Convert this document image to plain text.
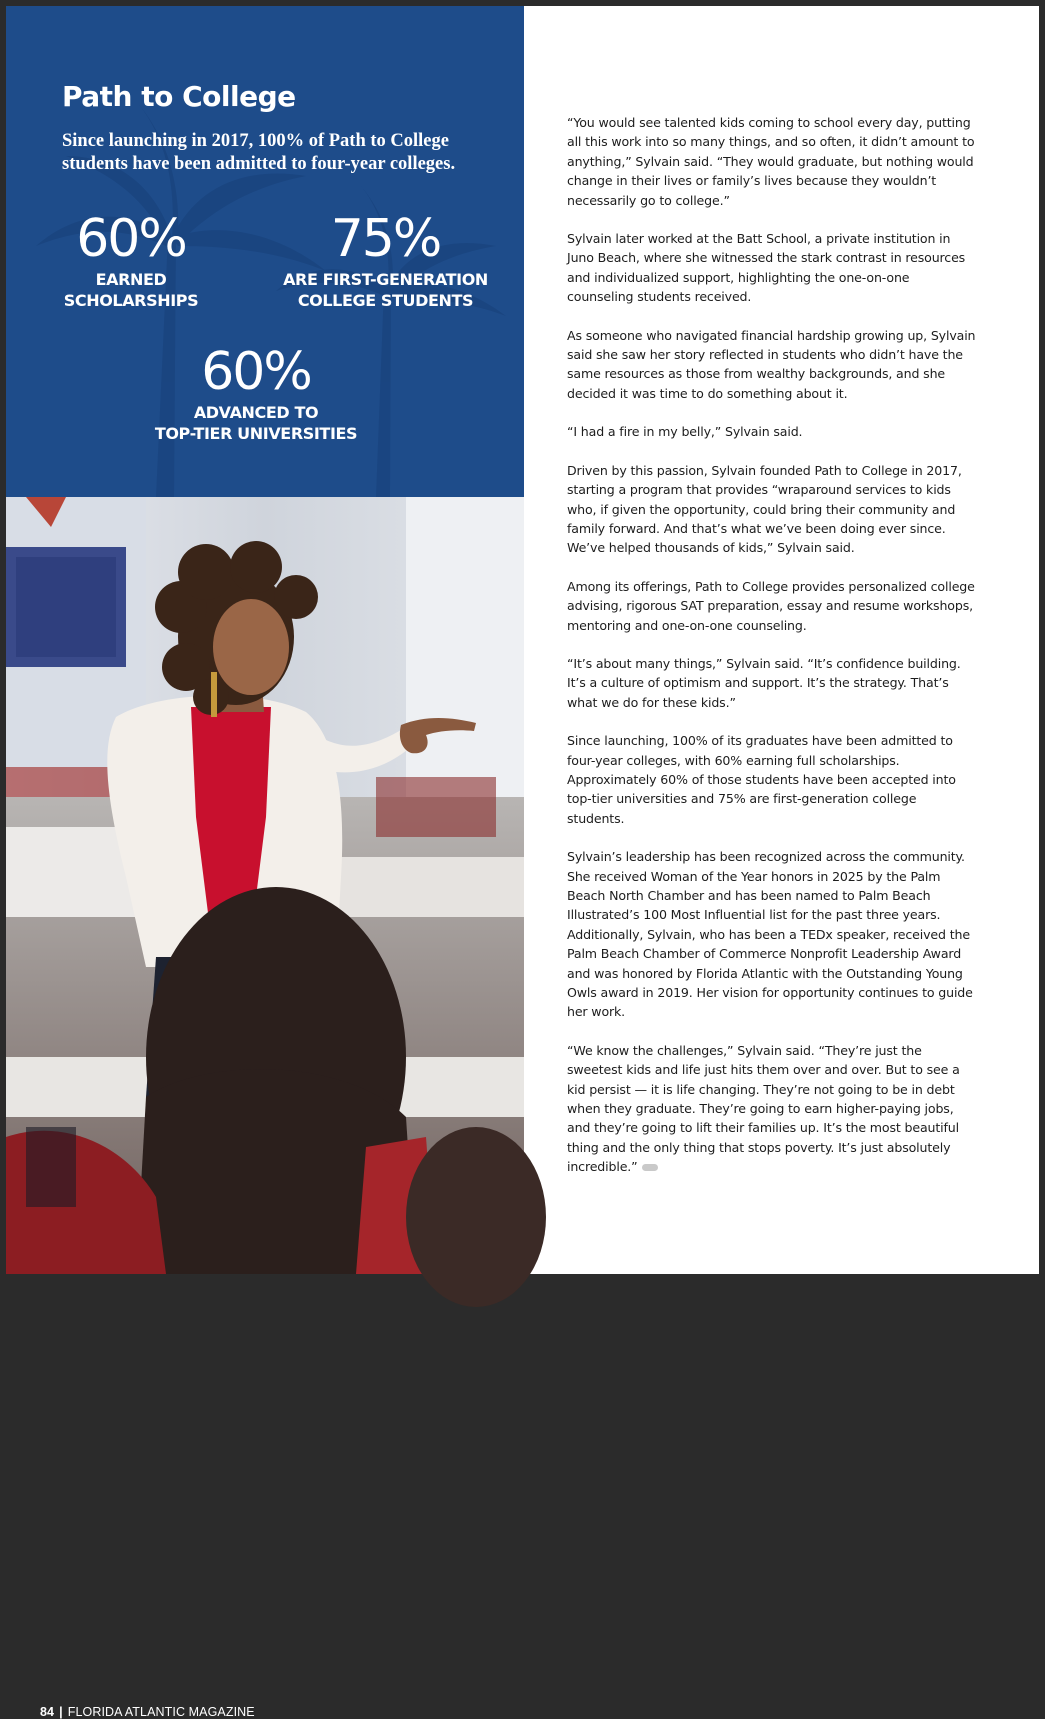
Path to College

Since launching in 2017, 100% of Path to College students have been admitted to four-year colleges.

60%
EARNED
SCHOLARSHIPS
75%
ARE FIRST-GENERATION
COLLEGE STUDENTS
60%
ADVANCED TO
TOP-TIER UNIVERSITIES
84 | FLORIDA ATLANTIC MAGAZINE

“You would see talented kids coming to school every day, putting all this work into so many things, and so often, it didn’t amount to anything,” Sylvain said. “They would graduate, but nothing would change in their lives or family’s lives because they wouldn’t necessarily go to college.”

Sylvain later worked at the Batt School, a private institution in Juno Beach, where she witnessed the stark contrast in resources and individualized support, highlighting the one-on-one counseling students received.

As someone who navigated financial hardship growing up, Sylvain said she saw her story reflected in students who didn’t have the same resources as those from wealthy backgrounds, and she decided it was time to do something about it.

“I had a fire in my belly,” Sylvain said.

Driven by this passion, Sylvain founded Path to College in 2017, starting a program that provides “wraparound services to kids who, if given the opportunity, could bring their community and family forward. And that’s what we’ve been doing ever since. We’ve helped thousands of kids,” Sylvain said.

Among its offerings, Path to College provides personalized college advising, rigorous SAT preparation, essay and resume workshops, mentoring and one-on-one counseling.

“It’s about many things,” Sylvain said. “It’s confidence building. It’s a culture of optimism and support. It’s the strategy. That’s what we do for these kids.”

Since launching, 100% of its graduates have been admitted to four-year colleges, with 60% earning full scholarships. Approximately 60% of those students have been accepted into top-tier universities and 75% are first-generation college students.

Sylvain’s leadership has been recognized across the community. She received Woman of the Year honors in 2025 by the Palm Beach North Chamber and has been named to Palm Beach Illustrated’s 100 Most Influential list for the past three years. Additionally, Sylvain, who has been a TEDx speaker, received the Palm Beach Chamber of Commerce Nonprofit Leadership Award and was honored by Florida Atlantic with the Outstanding Young Owls award in 2019. Her vision for opportunity continues to guide her work.

“We know the challenges,” Sylvain said. “They’re just the sweetest kids and life just hits them over and over. But to see a kid persist — it is life changing. They’re not going to be in debt when they graduate. They’re going to earn higher-paying jobs, and they’re going to lift their families up. It’s the most beautiful thing and the only thing that stops poverty. It’s just absolutely incredible.”
